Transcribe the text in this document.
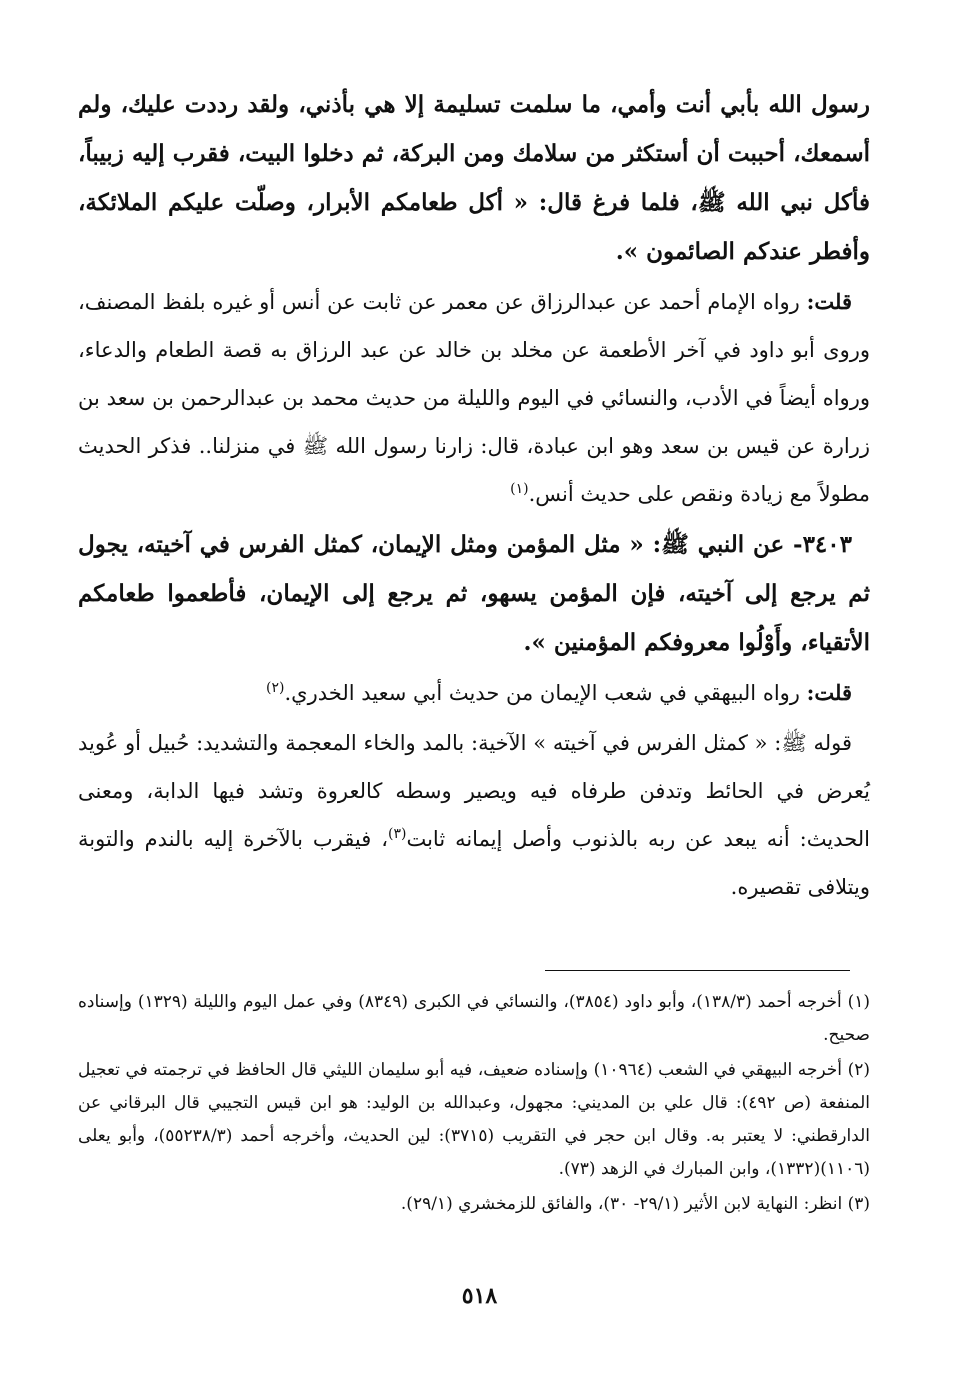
رسول الله بأبي أنت وأمي، ما سلمت تسليمة إلا هي بأذني، ولقد رددت عليك، ولم أسمعك، أحببت أن أستكثر من سلامك ومن البركة، ثم دخلوا البيت، فقرب إليه زبيباً، فأكل نبي الله ﷺ، فلما فرغ قال: « أكل طعامكم الأبرار، وصلّت عليكم الملائكة، وأفطر عندكم الصائمون ».

قلت: رواه الإمام أحمد عن عبدالرزاق عن معمر عن ثابت عن أنس أو غيره بلفظ المصنف، وروى أبو داود في آخر الأطعمة عن مخلد بن خالد عن عبد الرزاق به قصة الطعام والدعاء، ورواه أيضاً في الأدب، والنسائي في اليوم والليلة من حديث محمد بن عبدالرحمن بن سعد بن زرارة عن قيس بن سعد وهو ابن عبادة، قال: زارنا رسول الله ﷺ في منزلنا.. فذكر الحديث مطولاً مع زيادة ونقص على حديث أنس.$^{(١)}$

٣٤٠٣- عن النبي ﷺ: « مثل المؤمن ومثل الإيمان، كمثل الفرس في آخيته، يجول ثم يرجع إلى آخيته، فإن المؤمن يسهو، ثم يرجع إلى الإيمان، فأطعموا طعامكم الأتقياء، وأَوْلُوا معروفكم المؤمنين ».

قلت: رواه البيهقي في شعب الإيمان من حديث أبي سعيد الخدري.$^{(٢)}$

قوله ﷺ: « كمثل الفرس في آخيته » الآخية: بالمد والخاء المعجمة والتشديد: حُبيل أو عُويد يُعرض في الحائط وتدفن طرفاه فيه ويصير وسطه كالعروة وتشد فيها الدابة، ومعنى الحديث: أنه يبعد عن ربه بالذنوب وأصل إيمانه ثابت$^{(٣)}$، فيقرب بالآخرة إليه بالندم والتوبة ويتلافى تقصيره.

(١) أخرجه أحمد (١٣٨/٣)، وأبو داود (٣٨٥٤)، والنسائي في الكبرى (٨٣٤٩) وفي عمل اليوم والليلة (١٣٢٩) وإسناده صحيح.

(٢) أخرجه البيهقي في الشعب (١٠٩٦٤) وإسناده ضعيف، فيه أبو سليمان الليثي قال الحافظ في ترجمته في تعجيل المنفعة (ص ٤٩٢): قال علي بن المديني: مجهول، وعبدالله بن الوليد: هو ابن قيس التجيبي قال البرقاني عن الدارقطني: لا يعتبر به. وقال ابن حجر في التقريب (٣٧١٥): لين الحديث، وأخرجه أحمد (٥٥٢٣٨/٣)، وأبو يعلى (١١٠٦)(١٣٣٢)، وابن المبارك في الزهد (٧٣).

(٣) انظر: النهاية لابن الأثير (٢٩/١- ٣٠)، والفائق للزمخشري (٢٩/١).

٥١٨
